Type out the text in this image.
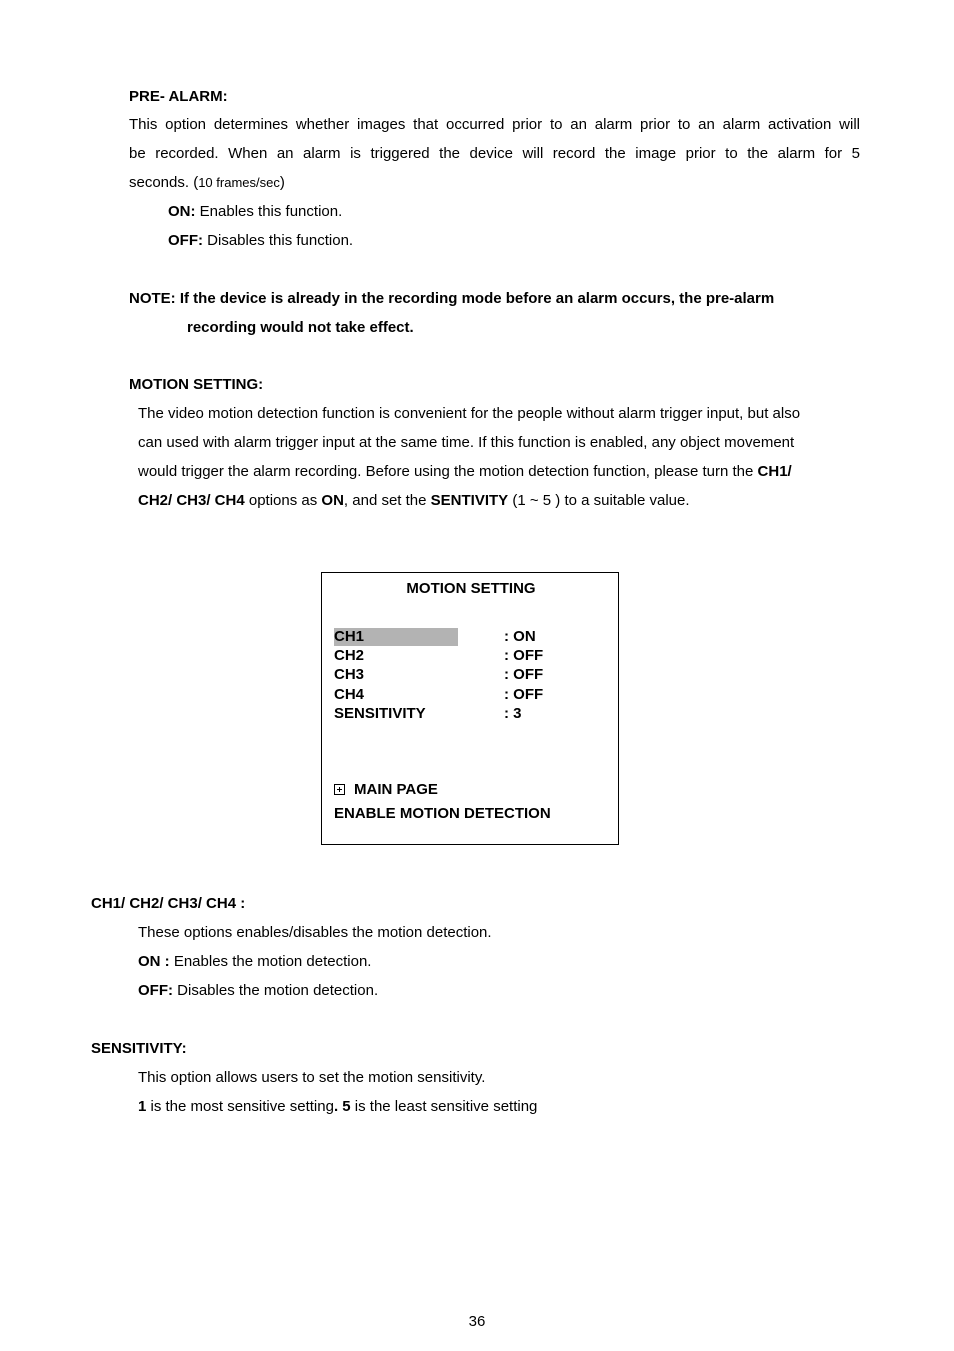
PRE- ALARM:
This option determines whether images that occurred prior to an alarm prior to an alarm activation will
be recorded. When an alarm is triggered the device will record the image prior to the alarm for 5
seconds. (10 frames/sec)
ON: Enables this function.
OFF: Disables this function.
NOTE: If the device is already in the recording mode before an alarm occurs, the pre-alarm
recording would not take effect.
MOTION SETTING:
The video motion detection function is convenient for the people without alarm trigger input, but also
can used with alarm trigger input at the same time. If this function is enabled, any object movement
would trigger the alarm recording. Before using the motion detection function, please turn the CH1/
CH2/ CH3/ CH4 options as ON, and set the SENTIVITY (1 ~ 5 ) to a suitable value.
MOTION SETTING
CH1	: ON
CH2	: OFF
CH3	: OFF
CH4	: OFF
SENSITIVITY	: 3
MAIN PAGE
ENABLE MOTION DETECTION
CH1/ CH2/ CH3/ CH4 :
These options enables/disables the motion detection.
ON : Enables the motion detection.
OFF: Disables the motion detection.
SENSITIVITY:
This option allows users to set the motion sensitivity.
1 is the most sensitive setting. 5 is the least sensitive setting
36
